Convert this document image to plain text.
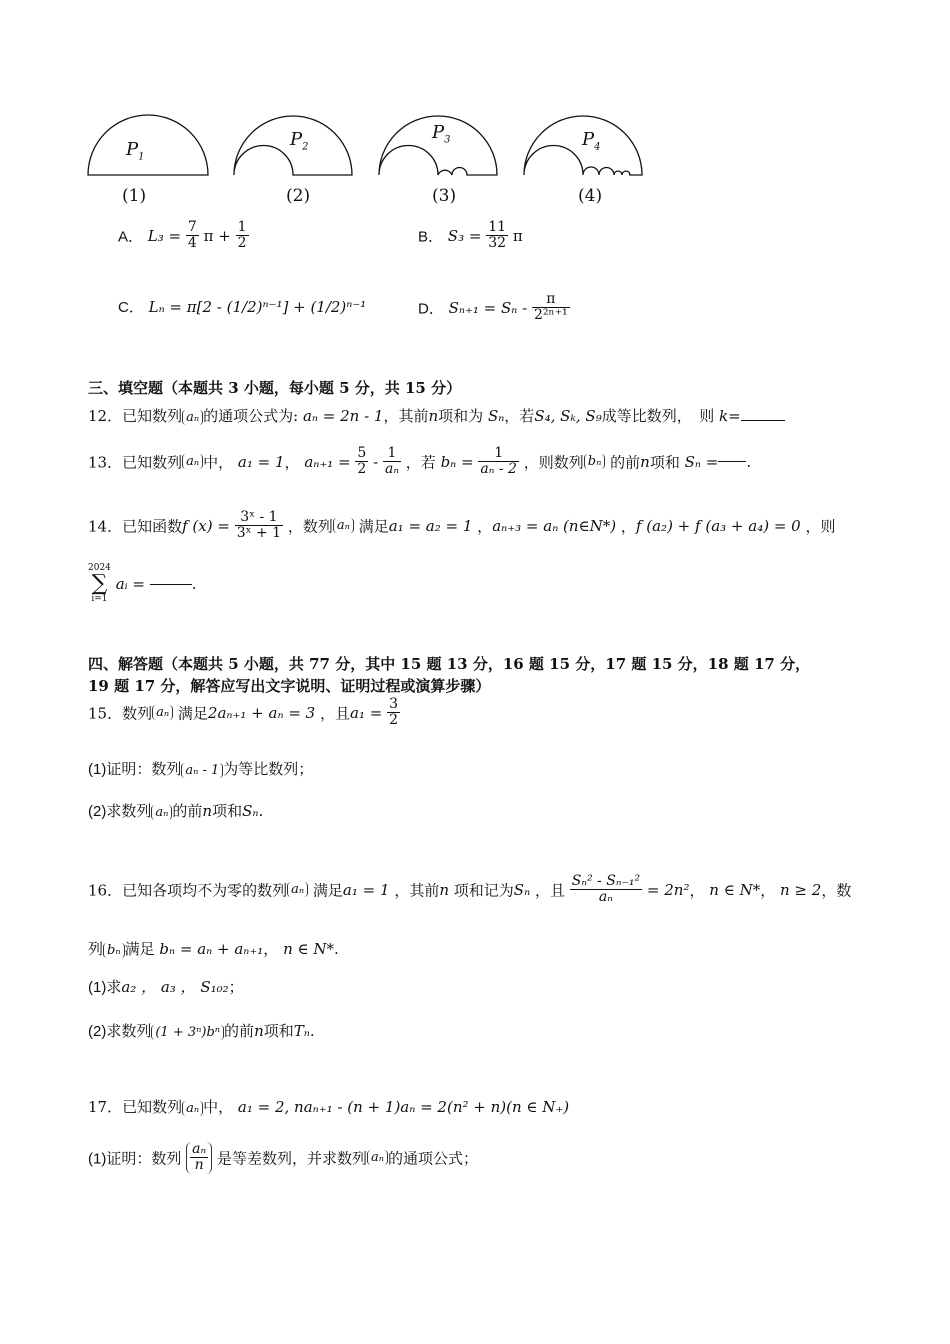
$P_1$
$P_2$
$P_3$	$P_4$
(1)	(2)	(3)	(4)
A． $L_3 = \frac{7}{4}$ $\pi + \frac{1}{2}$	B． $S_3 = \frac{11}{32}$ π
C． Lₙ = π[2 - (1/2)ⁿ⁻¹] + (1/2)ⁿ⁻¹	D． $S_{n+1} = S_n - \frac{\pi}{\text{2²ⁿ⁺¹}}$
三、填空题（本题共 3 小题，每小题 5 分，共 15 分）
12．已知数列 aₙ 的通项公式为: aₙ = 2n - 1，其前n项和为 Sₙ，若S₄, Sₖ, S₉成等比数列，　则 k=
13．已知数列 aₙ 中， a₁ = 1， $a_{n+1} = \frac{5}{2} - \frac{1}{\text{aₙ}}$ ，若 $b_n = \frac{1}{\text{aₙ - 2}}$ ，则数列 bₙ 的前n项和 Sₙ = .
14．已知函数f $(x) = \frac{\text{3ˣ - 1}}{\text{3ˣ + 1}}$ ，数列 aₙ 满足a₁ = a₂ = 1 ，aₙ₊₃ = aₙ (n∈N*) ，f (a₂) + f (a₃ + a₄) = 0 ，则
2024
∑
i=1
aᵢ =	.
四、解答题（本题共 5 小题，共 77 分，其中 15 题 13 分，16 题 15 分，17 题 15 分，18 题 17 分，
19 题 17 分，解答应写出文字说明、证明过程或演算步骤）
15．数列 aₙ 满足2aₙ₊₁ + aₙ = 3 ，且$a_1 = \frac{3}{2}$
(1)证明：数列 aₙ - 1 为等比数列；
(2)求数列 aₙ 的前n项和Sₙ.
16．已知各项均不为零的数列 aₙ 满足a₁ = 1 ，其前n 项和记为Sₙ ，且 $\frac{\text{Sₙ² - Sₙ₋₁²}}{\text{aₙ}} = 2n^2$， n ∈ N*， n ≥ 2，数
列 bₙ 满足 bₙ = aₙ + aₙ₊₁， n ∈ N*.
(1)求a₂ ， a₃ ， S₁₀₂；
(2)求数列 (1 + 3ⁿ)bⁿ 的前n项和Tₙ.
17．已知数列 aₙ 中， a₁ = 2, naₙ₊₁ - (n + 1)aₙ = 2(n² + n)(n ∈ N₊)
(1)证明：数列 $\frac{\text{aₙ}}{n}$ 是等差数列，并求数列 aₙ 的通项公式；
